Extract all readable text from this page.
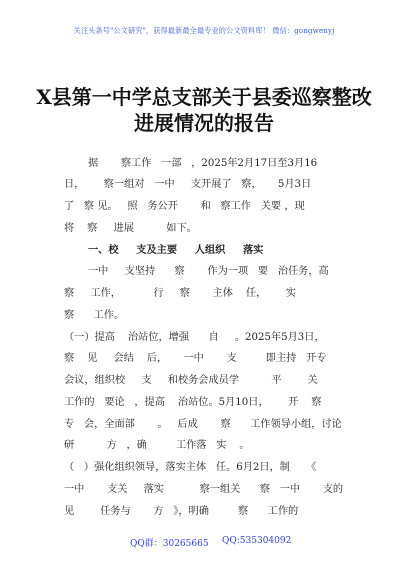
关注头条号"公文研究"，获得最新最全最专业的公文资料库！ 微信：gongwenyj
X县第一中学总支部关于县委巡察整改
进展情况的报告
据       察工作   一部   ，2025年2月17日至3月16
日，      察一组对   一中     支开展了   察，     5月3日
了   察 见。   照   务公开       和   察工作   关要 ，现
将    察     进展          如下。
一、校     支及主要     人组织     落实
一中     支坚持      察       作为一项   要   治任务，高
察     工作，          行     察       主体    任，      实
察      工作。
（一）提高    治站位，增强      自     。2025年5月3日，
察    见     会结    后，     一中       支         即主持   开专
会议，组织校     支     和校务会成员学          平        关
工作的   要论   ，提高    治站位。5月10日，      开    察
专   会，全面部       。   后成       察      工作领导小组，讨论
研          方   ，确         工作落   实    。
（   ）强化组织领导，落实主体   任。6月2日，制     《
一中       支关     落实           察一组关      察   一中       支的
见        任务与       方   》，明确         察      工作的
QQ群：30265665 QQ:535304092
